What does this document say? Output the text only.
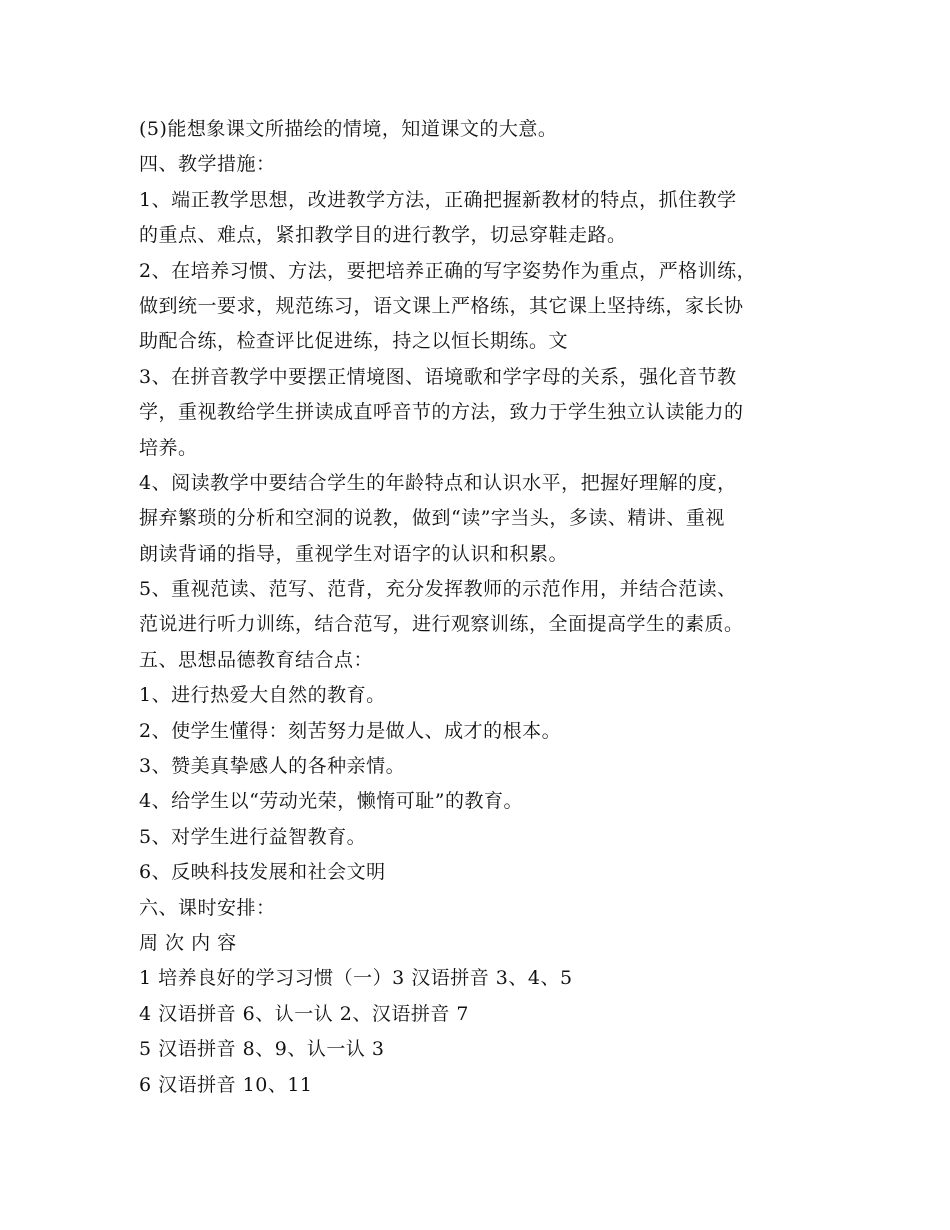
(5)能想象课文所描绘的情境，知道课文的大意。
四、教学措施：
1、端正教学思想，改进教学方法，正确把握新教材的特点，抓住教学
的重点、难点，紧扣教学目的进行教学，切忌穿鞋走路。
2、在培养习惯、方法，要把培养正确的写字姿势作为重点，严格训练，
做到统一要求，规范练习，语文课上严格练，其它课上坚持练，家长协
助配合练，检查评比促进练，持之以恒长期练。文
3、在拼音教学中要摆正情境图、语境歌和学字母的关系，强化音节教
学，重视教给学生拼读成直呼音节的方法，致力于学生独立认读能力的
培养。
4、阅读教学中要结合学生的年龄特点和认识水平，把握好理解的度，
摒弃繁琐的分析和空洞的说教，做到“读”字当头，多读、精讲、重视
朗读背诵的指导，重视学生对语字的认识和积累。
5、重视范读、范写、范背，充分发挥教师的示范作用，并结合范读、
范说进行听力训练，结合范写，进行观察训练，全面提高学生的素质。
五、思想品德教育结合点：
1、进行热爱大自然的教育。
2、使学生懂得：刻苦努力是做人、成才的根本。
3、赞美真挚感人的各种亲情。
4、给学生以“劳动光荣，懒惰可耻”的教育。
5、对学生进行益智教育。
6、反映科技发展和社会文明
六、课时安排：
周 次 内 容
1 培养良好的学习习惯（一）3 汉语拼音 3、4、5
4 汉语拼音 6、认一认 2、汉语拼音 7
5 汉语拼音 8、9、认一认 3
6 汉语拼音 10、11
